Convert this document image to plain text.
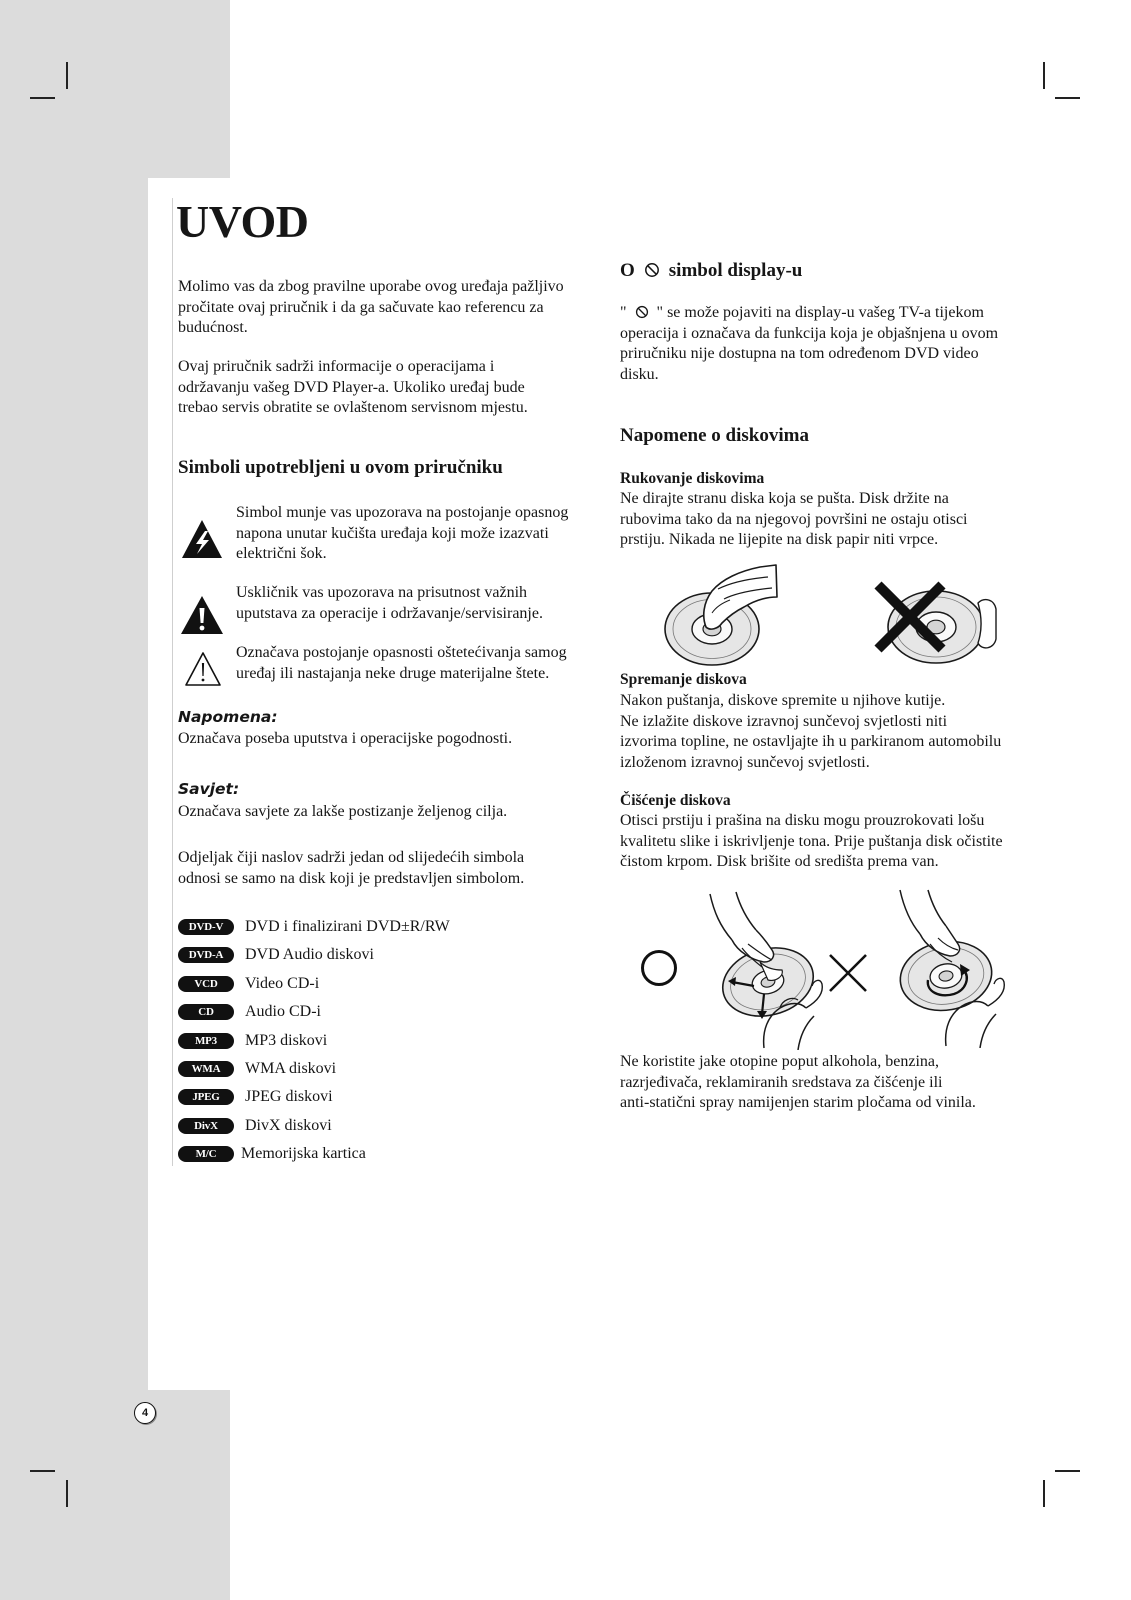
UVOD
Molimo vas da zbog pravilne uporabe ovog uređaja pažljivo
pročitate ovaj priručnik i da ga sačuvate kao referencu za
budućnost.
Ovaj priručnik sadrži informacije o operacijama i
održavanju vašeg DVD Player-a. Ukoliko uređaj bude
trebao servis obratite se ovlaštenom servisnom mjestu.
Simboli upotrebljeni u ovom priručniku
Simbol munje vas upozorava na postojanje opasnog
napona unutar kučišta uređaja koji može izazvati
električni šok.
Uskličnik vas upozorava na prisutnost važnih
uputstava za operacije i održavanje/servisiranje.
Označava postojanje opasnosti oštetećivanja samog
uređaj ili nastajanja neke druge materijalne štete.
Napomena:
Označava poseba uputstva i operacijske pogodnosti.
Savjet:
Označava savjete za lakše postizanje željenog cilja.
Odjeljak čiji naslov sadrži jedan od slijedećih simbola
odnosi se samo na disk koji je predstavljen simbolom.
DVD-V	DVD i finalizirani DVD±R/RW
DVD-A	DVD Audio diskovi
VCD	Video CD-i
CD	Audio CD-i
MP3	MP3 diskovi
WMA	WMA diskovi
JPEG	JPEG diskovi
DivX	DivX diskovi
M/C	Memorijska kartica
O simbol display-u
" " se može pojaviti na display-u vašeg TV-a tijekom
operacija i označava da funkcija koja je objašnjena u ovom
priručniku nije dostupna na tom određenom DVD video
disku.
Napomene o diskovima
Rukovanje diskovima
Ne dirajte stranu diska koja se pušta. Disk držite na
rubovima tako da na njegovoj površini ne ostaju otisci
prstiju. Nikada ne lijepite na disk papir niti vrpce.
Spremanje diskova
Nakon puštanja, diskove spremite u njihove kutije.
Ne izlažite diskove izravnoj sunčevoj svjetlosti niti
izvorima topline, ne ostavljajte ih u parkiranom automobilu
izloženom izravnoj sunčevoj svjetlosti.
Čišćenje diskova
Otisci prstiju i prašina na disku mogu prouzrokovati lošu
kvalitetu slike i iskrivljenje tona. Prije puštanja disk očistite
čistom krpom. Disk brišite od središta prema van.
Ne koristite jake otopine poput alkohola, benzina,
razrjeđivača, reklamiranih sredstava za čišćenje ili
anti-statični spray namijenjen starim pločama od vinila.
4
